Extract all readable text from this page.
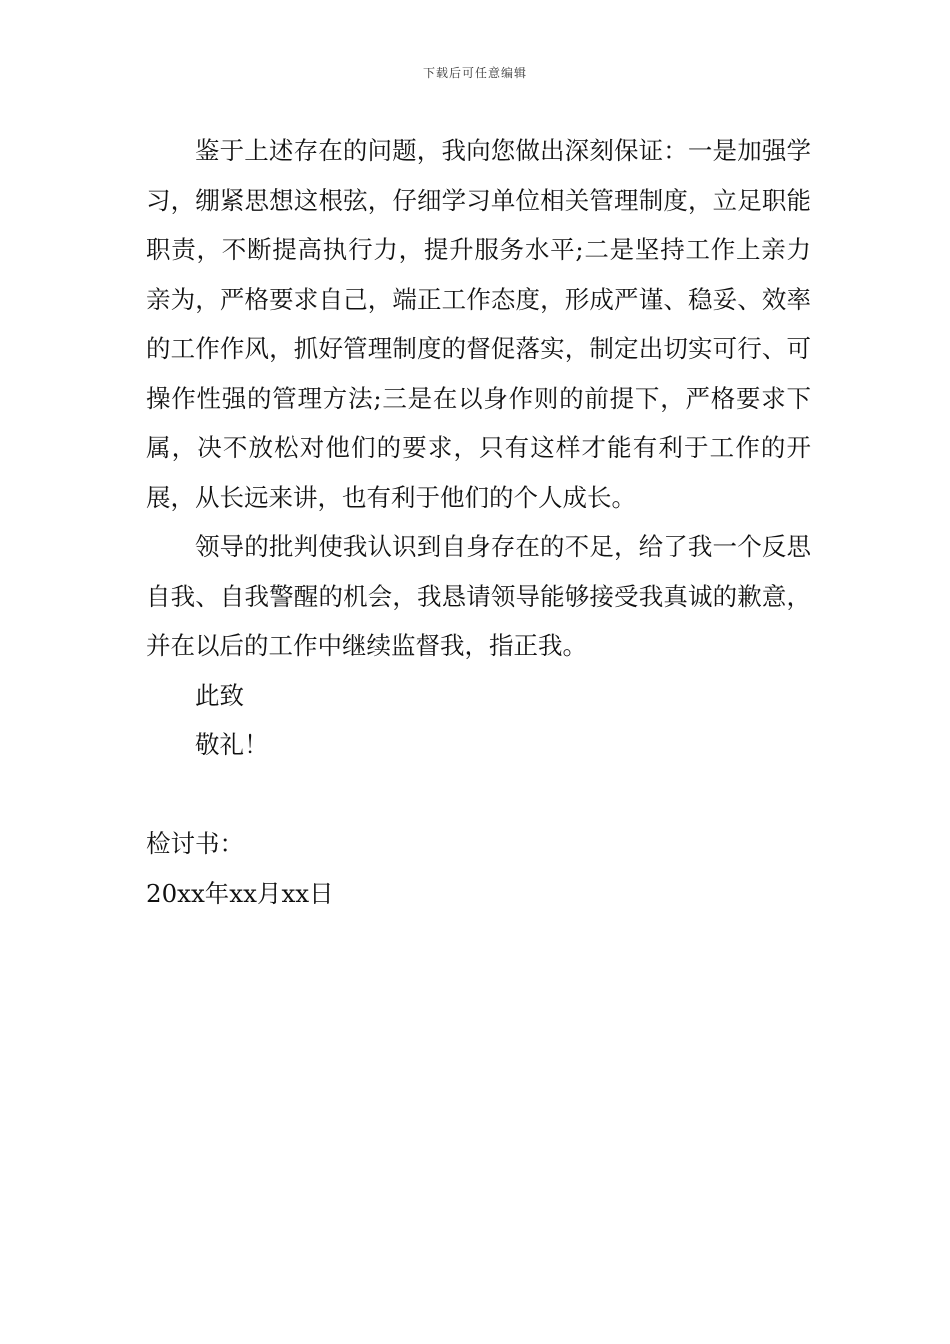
下载后可任意编辑

鉴于上述存在的问题，我向您做出深刻保证：一是加强学习，绷紧思想这根弦，仔细学习单位相关管理制度，立足职能职责，不断提高执行力，提升服务水平;二是坚持工作上亲力亲为，严格要求自己，端正工作态度，形成严谨、稳妥、效率的工作作风，抓好管理制度的督促落实，制定出切实可行、可操作性强的管理方法;三是在以身作则的前提下，严格要求下属，决不放松对他们的要求，只有这样才能有利于工作的开展，从长远来讲，也有利于他们的个人成长。

领导的批判使我认识到自身存在的不足，给了我一个反思自我、自我警醒的机会，我恳请领导能够接受我真诚的歉意，并在以后的工作中继续监督我，指正我。

此致

敬礼！

检讨书：

20xx年xx月xx日
